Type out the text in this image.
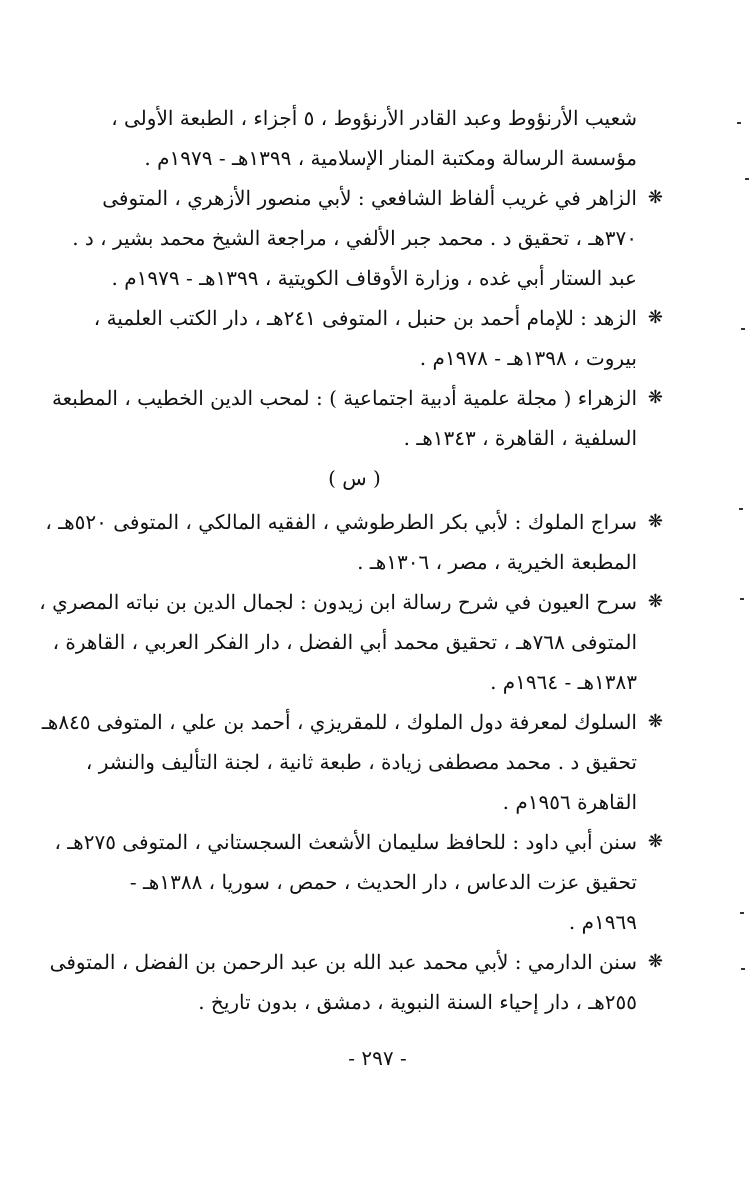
شعيب الأرنؤوط وعبد القادر الأرنؤوط ، ٥ أجزاء ، الطبعة الأولى ،
مؤسسة الرسالة ومكتبة المنار الإسلامية ، ١٣٩٩هـ - ١٩٧٩م .
❋
الزاهر في غريب ألفاظ الشافعي : لأبي منصور الأزهري ، المتوفى
٣٧٠هـ ، تحقيق د . محمد جبر الألفي ، مراجعة الشيخ محمد بشير ، د .
عبد الستار أبي غده ، وزارة الأوقاف الكويتية ، ١٣٩٩هـ - ١٩٧٩م .
❋
الزهد : للإمام أحمد بن حنبل ، المتوفى ٢٤١هـ ، دار الكتب العلمية ،
بيروت ، ١٣٩٨هـ - ١٩٧٨م .
❋
الزهراء ( مجلة علمية أدبية اجتماعية ) : لمحب الدين الخطيب ، المطبعة
السلفية ، القاهرة ، ١٣٤٣هـ .
( س )
❋
سراج الملوك : لأبي بكر الطرطوشي ، الفقيه المالكي ، المتوفى ٥٢٠هـ ،
المطبعة الخيرية ، مصر ، ١٣٠٦هـ .
❋
سرح العيون في شرح رسالة ابن زيدون : لجمال الدين بن نباته المصري ،
المتوفى ٧٦٨هـ ، تحقيق محمد أبي الفضل ، دار الفكر العربي ، القاهرة ،
١٣٨٣هـ - ١٩٦٤م .
❋
السلوك لمعرفة دول الملوك ، للمقريزي ، أحمد بن علي ، المتوفى ٨٤٥هـ
تحقيق د . محمد مصطفى زيادة ، طبعة ثانية ، لجنة التأليف والنشر ،
القاهرة ١٩٥٦م .
❋
سنن أبي داود : للحافظ سليمان الأشعث السجستاني ، المتوفى ٢٧٥هـ ،
تحقيق عزت الدعاس ، دار الحديث ، حمص ، سوريا ، ١٣٨٨هـ -
١٩٦٩م .
❋
سنن الدارمي : لأبي محمد عبد الله بن عبد الرحمن بن الفضل ، المتوفى
٢٥٥هـ ، دار إحياء السنة النبوية ، دمشق ، بدون تاريخ .
- ٢٩٧ -
